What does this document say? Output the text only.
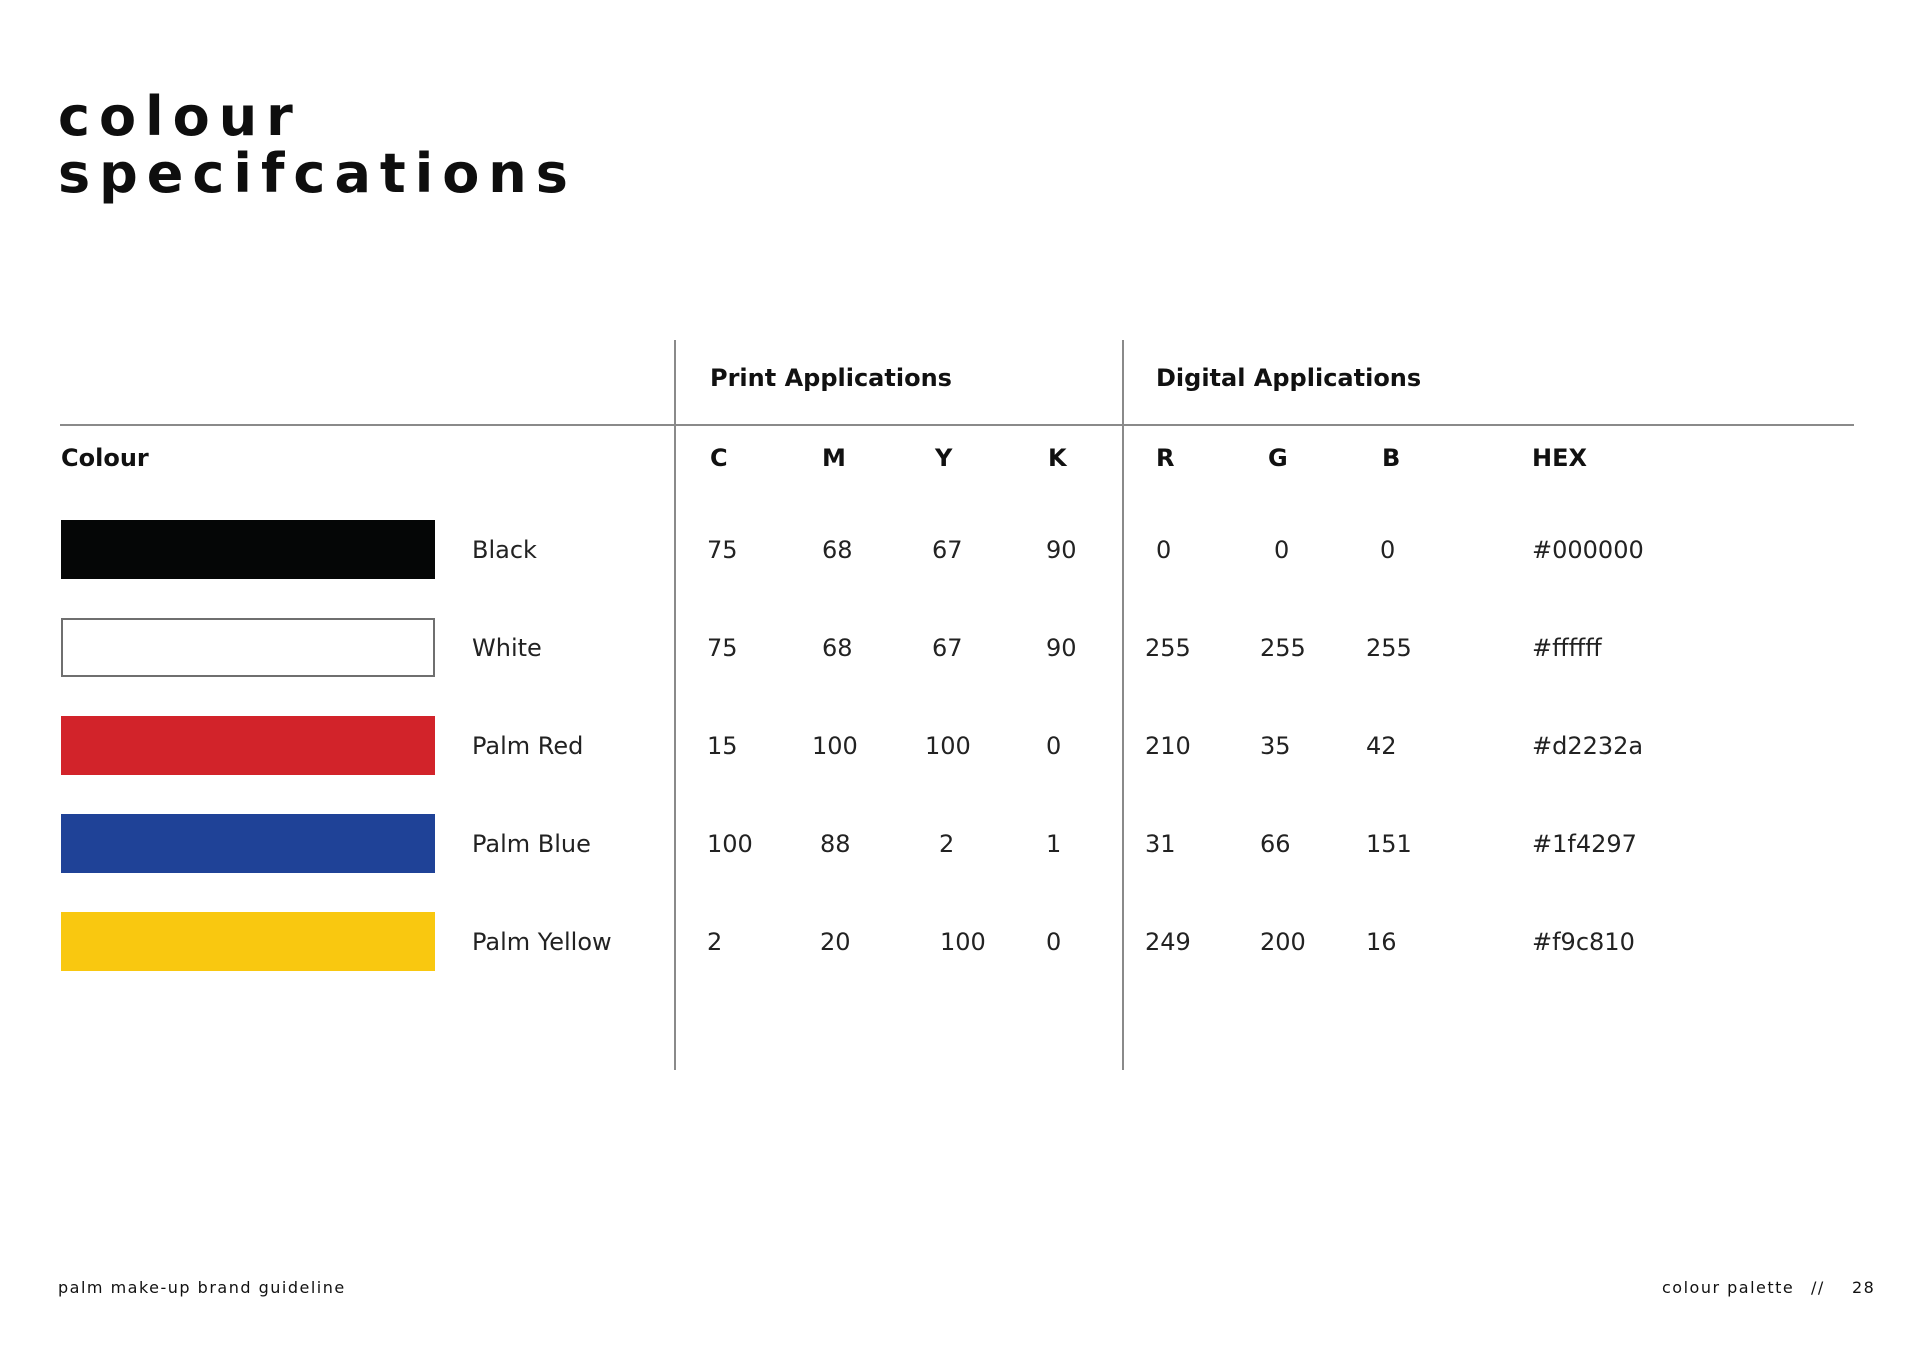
colour
specifcations
Print Applications	Digital Applications
Colour	C	M	Y	K	R	G	B	HEX
Black	75	68	67	90	0	0	0	#000000
White	75	68	67	90	255	255	255	#ffffff
Palm Red	15	100	100	0	210	35	42	#d2232a
Palm Blue	100	88	2	1	31	66	151	#1f4297
Palm Yellow	2	20	100	0	249	200	16	#f9c810
palm make-up brand guideline	colour palette // 28
